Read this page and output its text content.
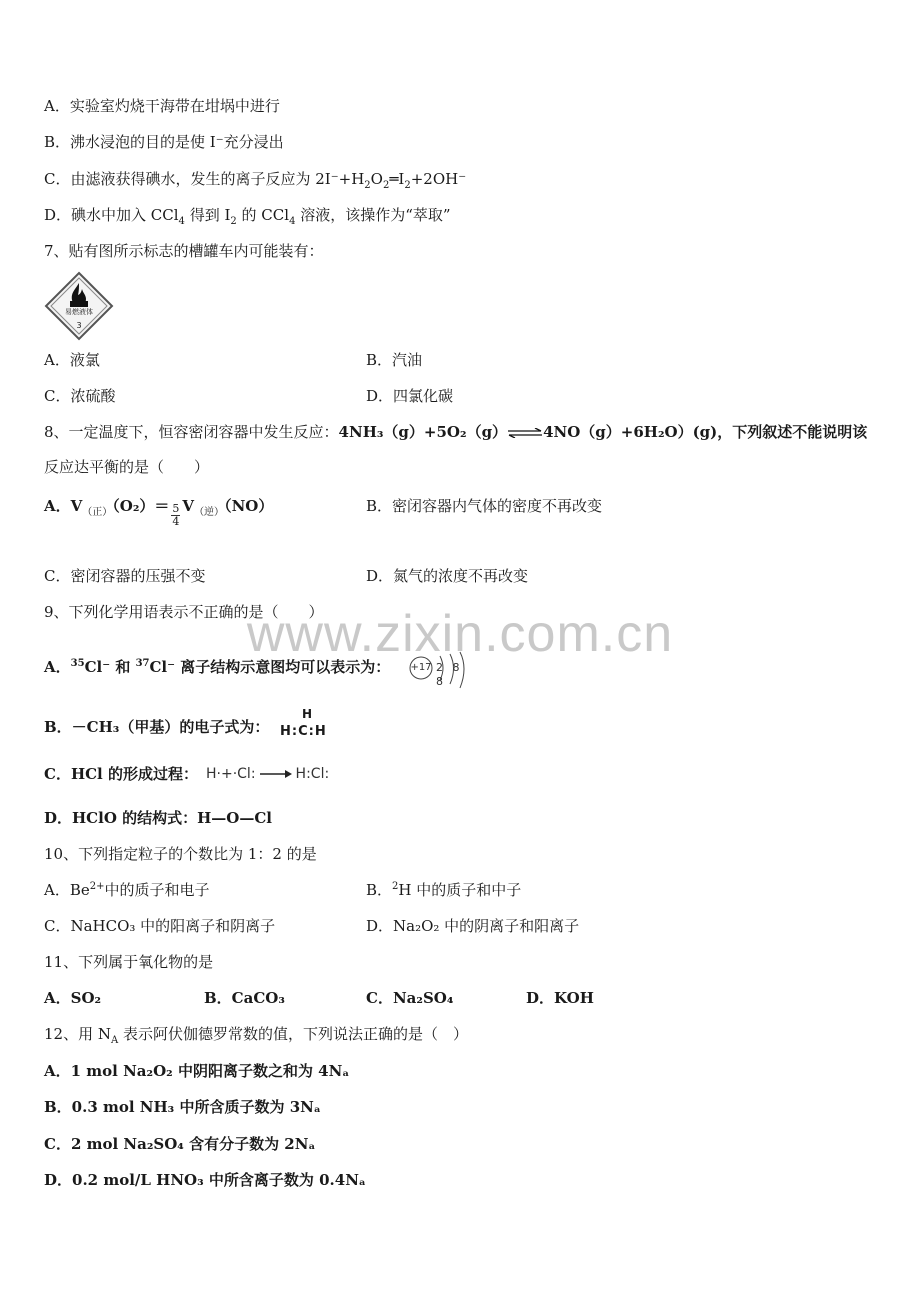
www.zixin.com.cn
A．实验室灼烧干海带在坩埚中进行
B．沸水浸泡的目的是使 I⁻充分浸出
C．由滤液获得碘水，发生的离子反应为 $2I^-+H_2O_2═I_2+2OH^-$
D．碘水中加入 CCl$_4$ 得到 $I_2$ 的 CCl$_4$ 溶液，该操作为“萃取”
7、贴有图所示标志的槽罐车内可能装有：
易燃液体
3
A．液氯	B．汽油
C．浓硫酸	D．四氯化碳
8、一定温度下，恒容密闭容器中发生反应：4NH₃（g）+5O₂（g）⇌4NO（g）+6H₂O）(g)，下列叙述不能说明该
反应达平衡的是（　　）
A．$V_{(正)}(O_2)= \frac{5}{4} V_{(逆)}(NO)$	B．密闭容器内气体的密度不再改变
C．密闭容器的压强不变	D．氮气的浓度不再改变
9、下列化学用语表示不正确的是（　　）
A．$^{35}$Cl⁻ 和 $^{37}$Cl⁻ 离子结构示意图均可以表示为： +17 2 8 8
B．－CH₃（甲基）的电子式为：
H
H:C:H
C．HCl 的形成过程： H·+·Cl:	H:Cl:
D．HClO 的结构式：H—O—Cl
10、下列指定粒子的个数比为 1：2 的是
A．$Be^{2+}$中的质子和电子	B．$^2$H 中的质子和中子
C．NaHCO₃ 中的阳离子和阴离子	D．Na₂O₂ 中的阴离子和阳离子
11、下列属于氧化物的是
A．SO₂	B．CaCO₃	C．Na₂SO₄	D．KOH
12、用 $N_A$ 表示阿伏伽德罗常数的值，下列说法正确的是（　）
A．1 mol Na₂O₂ 中阴阳离子数之和为 4Nₐ
B．0.3 mol NH₃ 中所含质子数为 3Nₐ
C．2 mol Na₂SO₄ 含有分子数为 2Nₐ
D．0.2 mol/L HNO₃ 中所含离子数为 0.4Nₐ
